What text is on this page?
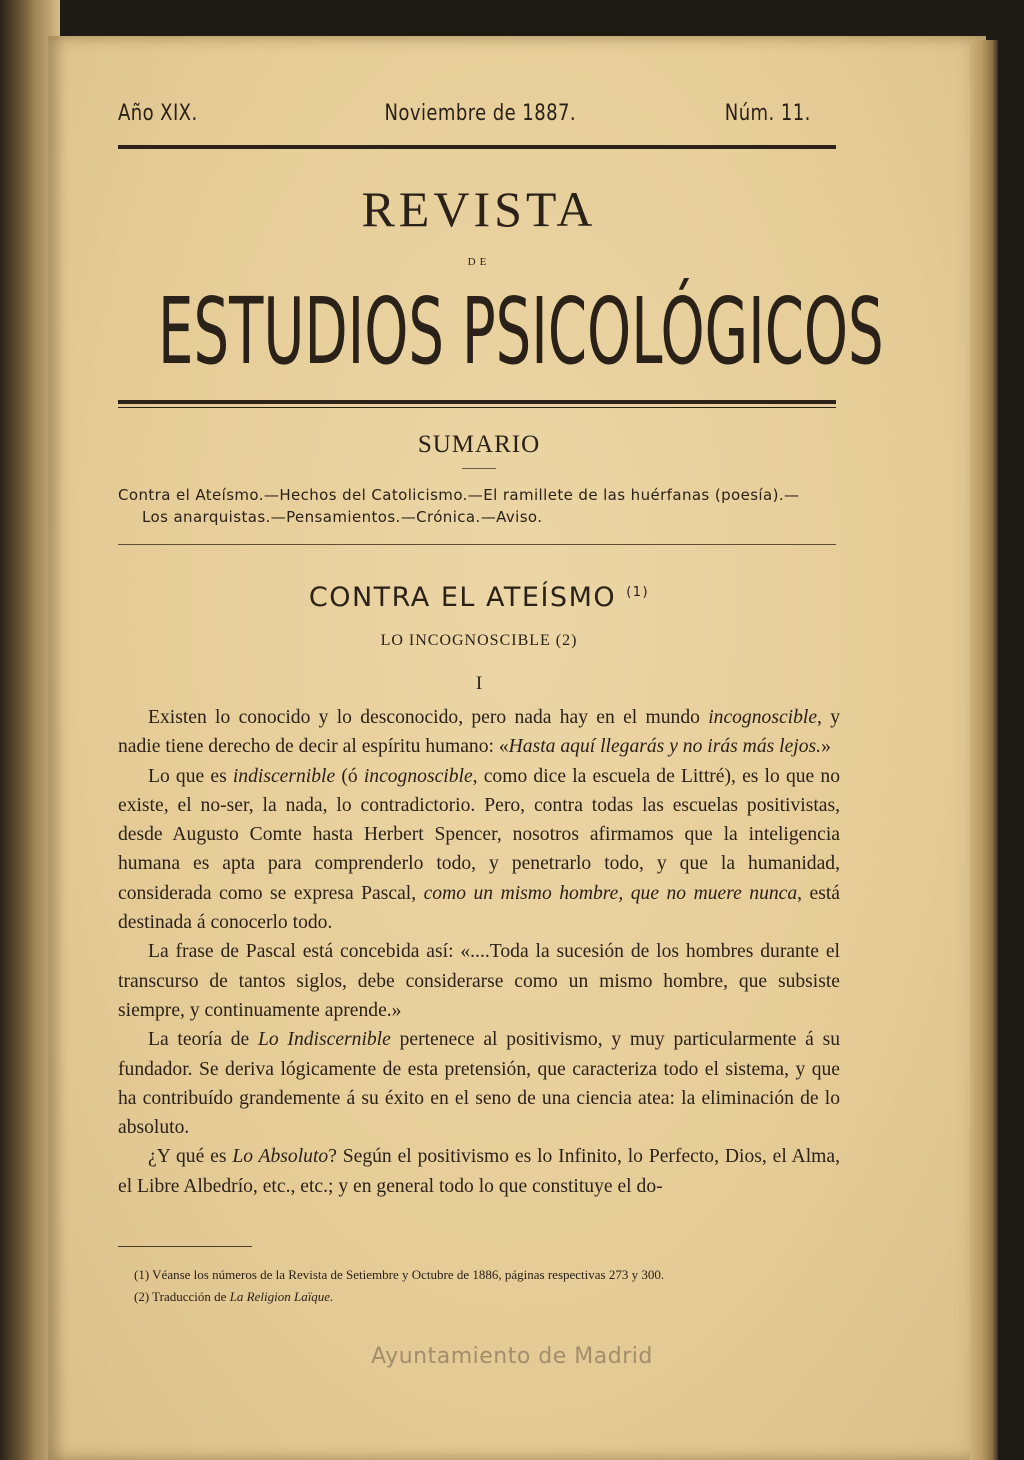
Año XIX.	Noviembre de 1887.	Núm. 11.
REVISTA
DE
ESTUDIOS PSICOLÓGICOS
SUMARIO
Contra el Ateísmo.—Hechos del Catolicismo.—El ramillete de las huérfanas (poesía).—
Los anarquistas.—Pensamientos.—Crónica.—Aviso.
CONTRA EL ATEÍSMO $^{(1)}$
LO INCOGNOSCIBLE (2)
I

Existen lo conocido y lo desconocido, pero nada hay en el mundo incognoscible, y nadie tiene derecho de decir al espíritu humano: «Hasta aquí llegarás y no irás más lejos.»

Lo que es indiscernible (ó incognoscible, como dice la escuela de Littré), es lo que no existe, el no-ser, la nada, lo contradictorio. Pero, contra todas las escuelas positivistas, desde Augusto Comte hasta Herbert Spencer, nosotros afirmamos que la inteligencia humana es apta para comprenderlo todo, y penetrarlo todo, y que la humanidad, considerada como se expresa Pascal, como un mismo hombre, que no muere nunca, está destinada á conocerlo todo.

La frase de Pascal está concebida así: «....Toda la sucesión de los hombres durante el transcurso de tantos siglos, debe considerarse como un mismo hombre, que subsiste siempre, y continuamente aprende.»

La teoría de Lo Indiscernible pertenece al positivismo, y muy particularmente á su fundador. Se deriva lógicamente de esta pretensión, que caracteriza todo el sistema, y que ha contribuído grandemente á su éxito en el seno de una ciencia atea: la eliminación de lo absoluto.

¿Y qué es Lo Absoluto? Según el positivismo es lo Infinito, lo Perfecto, Dios, el Alma, el Libre Albedrío, etc., etc.; y en general todo lo que constituye el do-

(1) Véanse los números de la Revista de Setiembre y Octubre de 1886, páginas respectivas 273 y 300.
(2) Traducción de La Religion Laïque.
Ayuntamiento de Madrid
